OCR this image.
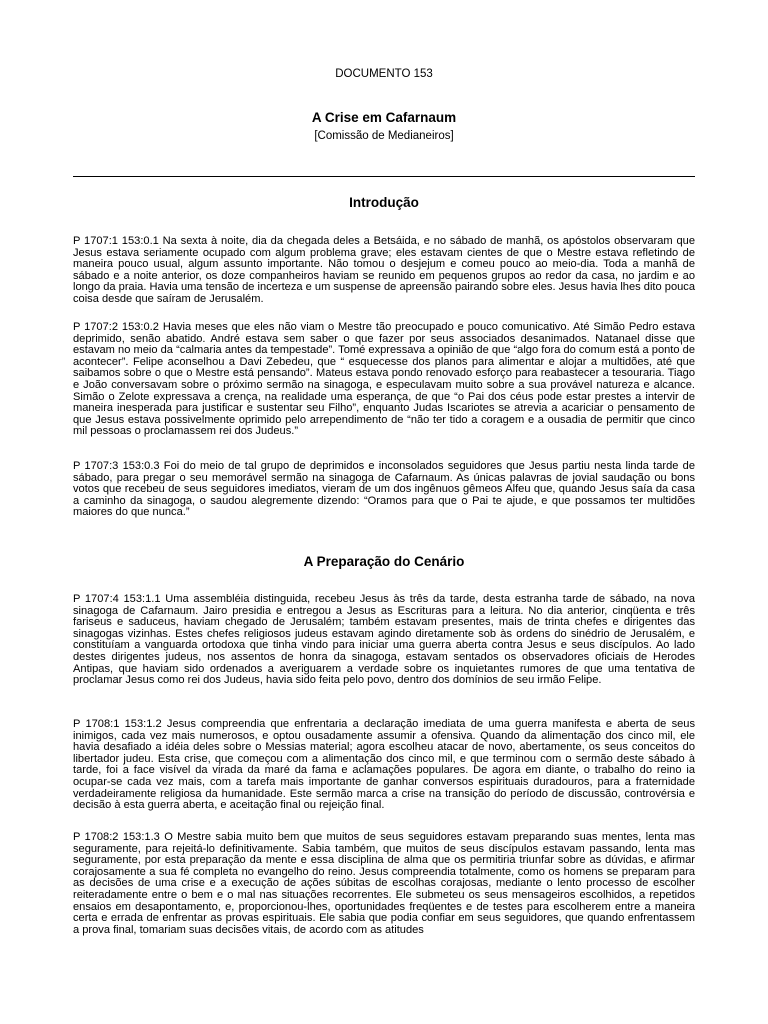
DOCUMENTO 153
A Crise em Cafarnaum
[Comissão de Medianeiros]
Introdução

P 1707:1 153:0.1 Na sexta à noite, dia da chegada deles a Betsáida, e no sábado de manhã, os apóstolos observaram que Jesus estava seriamente ocupado com algum problema grave; eles estavam cientes de que o Mestre estava refletindo de maneira pouco usual, algum assunto importante. Não tomou o desjejum e comeu pouco ao meio-dia. Toda a manhã de sábado e a noite anterior, os doze companheiros haviam se reunido em pequenos grupos ao redor da casa, no jardim e ao longo da praia. Havia uma tensão de incerteza e um suspense de apreensão pairando sobre eles. Jesus havia lhes dito pouca coisa desde que saíram de Jerusalém.

P 1707:2 153:0.2 Havia meses que eles não viam o Mestre tão preocupado e pouco comunicativo. Até Simão Pedro estava deprimido, senão abatido. André estava sem saber o que fazer por seus associados desanimados. Natanael disse que estavam no meio da “calmaria antes da tempestade”. Tomé expressava a opinião de que “algo fora do comum está a ponto de acontecer”. Felipe aconselhou a Davi Zebedeu, que “ esquecesse dos planos para alimentar e alojar a multidões, até que saibamos sobre o que o Mestre está pensando”. Mateus estava pondo renovado esforço para reabastecer a tesouraria. Tiago e João conversavam sobre o próximo sermão na sinagoga, e especulavam muito sobre a sua provável natureza e alcance. Simão o Zelote expressava a crença, na realidade uma esperança, de que “o Pai dos céus pode estar prestes a intervir de maneira inesperada para justificar e sustentar seu Filho”, enquanto Judas Iscariotes se atrevia a acariciar o pensamento de que Jesus estava possivelmente oprimido pelo arrependimento de “não ter tido a coragem e a ousadia de permitir que cinco mil pessoas o proclamassem rei dos Judeus.”

P 1707:3 153:0.3 Foi do meio de tal grupo de deprimidos e inconsolados seguidores que Jesus partiu nesta linda tarde de sábado, para pregar o seu memorável sermão na sinagoga de Cafarnaum. As únicas palavras de jovial saudação ou bons votos que recebeu de seus seguidores imediatos, vieram de um dos ingênuos gêmeos Alfeu que, quando Jesus saía da casa a caminho da sinagoga, o saudou alegremente dizendo: “Oramos para que o Pai te ajude, e que possamos ter multidões maiores do que nunca.”

A Preparação do Cenário

P 1707:4 153:1.1 Uma assembléia distinguida, recebeu Jesus às três da tarde, desta estranha tarde de sábado, na nova sinagoga de Cafarnaum. Jairo presidia e entregou a Jesus as Escrituras para a leitura. No dia anterior, cinqüenta e três fariseus e saduceus, haviam chegado de Jerusalém; também estavam presentes, mais de trinta chefes e dirigentes das sinagogas vizinhas. Estes chefes religiosos judeus estavam agindo diretamente sob às ordens do sinédrio de Jerusalém, e constituíam a vanguarda ortodoxa que tinha vindo para iniciar uma guerra aberta contra Jesus e seus discípulos. Ao lado destes dirigentes judeus, nos assentos de honra da sinagoga, estavam sentados os observadores oficiais de Herodes Antipas, que haviam sido ordenados a averiguarem a verdade sobre os inquietantes rumores de que uma tentativa de proclamar Jesus como rei dos Judeus, havia sido feita pelo povo, dentro dos domínios de seu irmão Felipe.

P 1708:1 153:1.2 Jesus compreendia que enfrentaria a declaração imediata de uma guerra manifesta e aberta de seus inimigos, cada vez mais numerosos, e optou ousadamente assumir a ofensiva. Quando da alimentação dos cinco mil, ele havia desafiado a idéia deles sobre o Messias material; agora escolheu atacar de novo, abertamente, os seus conceitos do libertador judeu. Esta crise, que começou com a alimentação dos cinco mil, e que terminou com o sermão deste sábado à tarde, foi a face visível da virada da maré da fama e aclamações populares. De agora em diante, o trabalho do reino ia ocupar-se cada vez mais, com a tarefa mais importante de ganhar conversos espirituais duradouros, para a fraternidade verdadeiramente religiosa da humanidade. Este sermão marca a crise na transição do período de discussão, controvérsia e decisão à esta guerra aberta, e aceitação final ou rejeição final.

P 1708:2 153:1.3 O Mestre sabia muito bem que muitos de seus seguidores estavam preparando suas mentes, lenta mas seguramente, para rejeitá-lo definitivamente. Sabia também, que muitos de seus discípulos estavam passando, lenta mas seguramente, por esta preparação da mente e essa disciplina de alma que os permitiria triunfar sobre as dúvidas, e afirmar corajosamente a sua fé completa no evangelho do reino. Jesus compreendia totalmente, como os homens se preparam para as decisões de uma crise e a execução de ações súbitas de escolhas corajosas, mediante o lento processo de escolher reiteradamente entre o bem e o mal nas situações recorrentes. Ele submeteu os seus mensageiros escolhidos, a repetidos ensaios em desapontamento, e, proporcionou-lhes, oportunidades freqüentes e de testes para escolherem entre a maneira certa e errada de enfrentar as provas espirituais. Ele sabia que podia confiar em seus seguidores, que quando enfrentassem a prova final, tomariam suas decisões vitais, de acordo com as atitudes
